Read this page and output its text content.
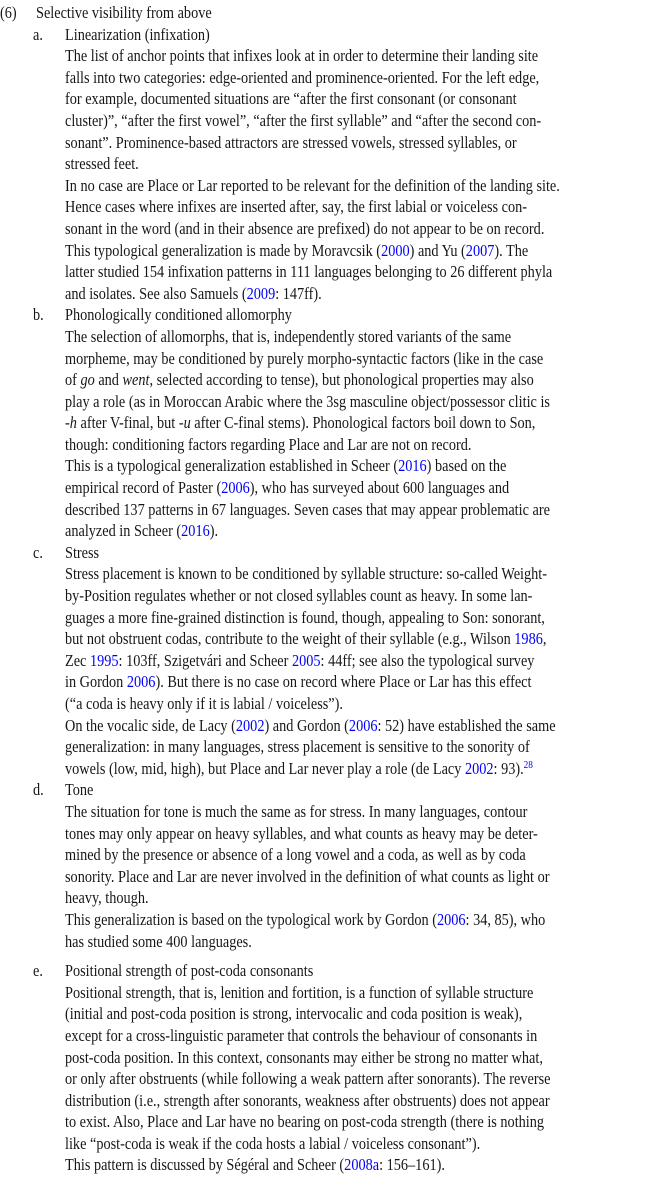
(6) Selective visibility from above
a. Linearization (infixation)
The list of anchor points that infixes look at in order to determine their landing site
falls into two categories: edge-oriented and prominence-oriented. For the left edge,
for example, documented situations are “after the first consonant (or consonant
cluster)”, “after the first vowel”, “after the first syllable” and “after the second con-
sonant”. Prominence-based attractors are stressed vowels, stressed syllables, or
stressed feet.
In no case are Place or Lar reported to be relevant for the definition of the landing site.
Hence cases where infixes are inserted after, say, the first labial or voiceless con-
sonant in the word (and in their absence are prefixed) do not appear to be on record.
This typological generalization is made by Moravcsik (2000) and Yu (2007). The
latter studied 154 infixation patterns in 111 languages belonging to 26 different phyla
and isolates. See also Samuels (2009: 147ff).
b. Phonologically conditioned allomorphy
The selection of allomorphs, that is, independently stored variants of the same
morpheme, may be conditioned by purely morpho-syntactic factors (like in the case
of go and went, selected according to tense), but phonological properties may also
play a role (as in Moroccan Arabic where the 3sg masculine object/possessor clitic is
-h after V-final, but -u after C-final stems). Phonological factors boil down to Son,
though: conditioning factors regarding Place and Lar are not on record.
This is a typological generalization established in Scheer (2016) based on the
empirical record of Paster (2006), who has surveyed about 600 languages and
described 137 patterns in 67 languages. Seven cases that may appear problematic are
analyzed in Scheer (2016).
c. Stress
Stress placement is known to be conditioned by syllable structure: so-called Weight-
by-Position regulates whether or not closed syllables count as heavy. In some lan-
guages a more fine-grained distinction is found, though, appealing to Son: sonorant,
but not obstruent codas, contribute to the weight of their syllable (e.g., Wilson 1986,
Zec 1995: 103ff, Szigetvári and Scheer 2005: 44ff; see also the typological survey
in Gordon 2006). But there is no case on record where Place or Lar has this effect
(“a coda is heavy only if it is labial / voiceless”).
On the vocalic side, de Lacy (2002) and Gordon (2006: 52) have established the same
generalization: in many languages, stress placement is sensitive to the sonority of
vowels (low, mid, high), but Place and Lar never play a role (de Lacy 2002: 93).$^{28}$
d. Tone
The situation for tone is much the same as for stress. In many languages, contour
tones may only appear on heavy syllables, and what counts as heavy may be deter-
mined by the presence or absence of a long vowel and a coda, as well as by coda
sonority. Place and Lar are never involved in the definition of what counts as light or
heavy, though.
This generalization is based on the typological work by Gordon (2006: 34, 85), who
has studied some 400 languages.
e. Positional strength of post-coda consonants
Positional strength, that is, lenition and fortition, is a function of syllable structure
(initial and post-coda position is strong, intervocalic and coda position is weak),
except for a cross-linguistic parameter that controls the behaviour of consonants in
post-coda position. In this context, consonants may either be strong no matter what,
or only after obstruents (while following a weak pattern after sonorants). The reverse
distribution (i.e., strength after sonorants, weakness after obstruents) does not appear
to exist. Also, Place and Lar have no bearing on post-coda strength (there is nothing
like “post-coda is weak if the coda hosts a labial / voiceless consonant”).
This pattern is discussed by Ségéral and Scheer (2008a: 156–161).
